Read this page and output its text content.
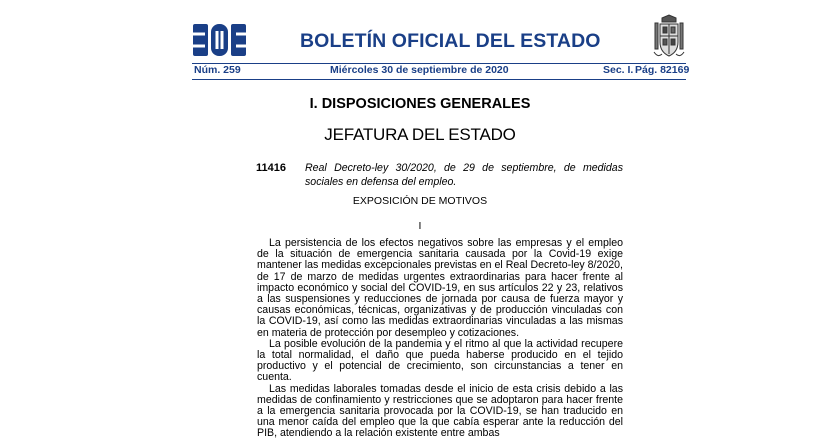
BOLETÍN OFICIAL DEL ESTADO
Núm. 259	Miércoles 30 de septiembre de 2020	Sec. I. Pág. 82169
I. DISPOSICIONES GENERALES
JEFATURA DEL ESTADO
11416 Real Decreto-ley 30/2020, de 29 de septiembre, de medidas sociales en defensa del empleo.
EXPOSICIÓN DE MOTIVOS
I

La persistencia de los efectos negativos sobre las empresas y el empleo de la situación de emergencia sanitaria causada por la Covid-19 exige mantener las medidas excepcionales previstas en el Real Decreto-ley 8/2020, de 17 de marzo de medidas urgentes extraordinarias para hacer frente al impacto económico y social del COVID-19, en sus artículos 22 y 23, relativos a las suspensiones y reducciones de jornada por causa de fuerza mayor y causas económicas, técnicas, organizativas y de producción vinculadas con la COVID-19, así como las medidas extraordinarias vinculadas a las mismas en materia de protección por desempleo y cotizaciones.

La posible evolución de la pandemia y el ritmo al que la actividad recupere la total normalidad, el daño que pueda haberse producido en el tejido productivo y el potencial de crecimiento, son circunstancias a tener en cuenta.

Las medidas laborales tomadas desde el inicio de esta crisis debido a las medidas de confinamiento y restricciones que se adoptaron para hacer frente a la emergencia sanitaria provocada por la COVID-19, se han traducido en una menor caída del empleo que la que cabía esperar ante la reducción del PIB, atendiendo a la relación existente entre ambas
